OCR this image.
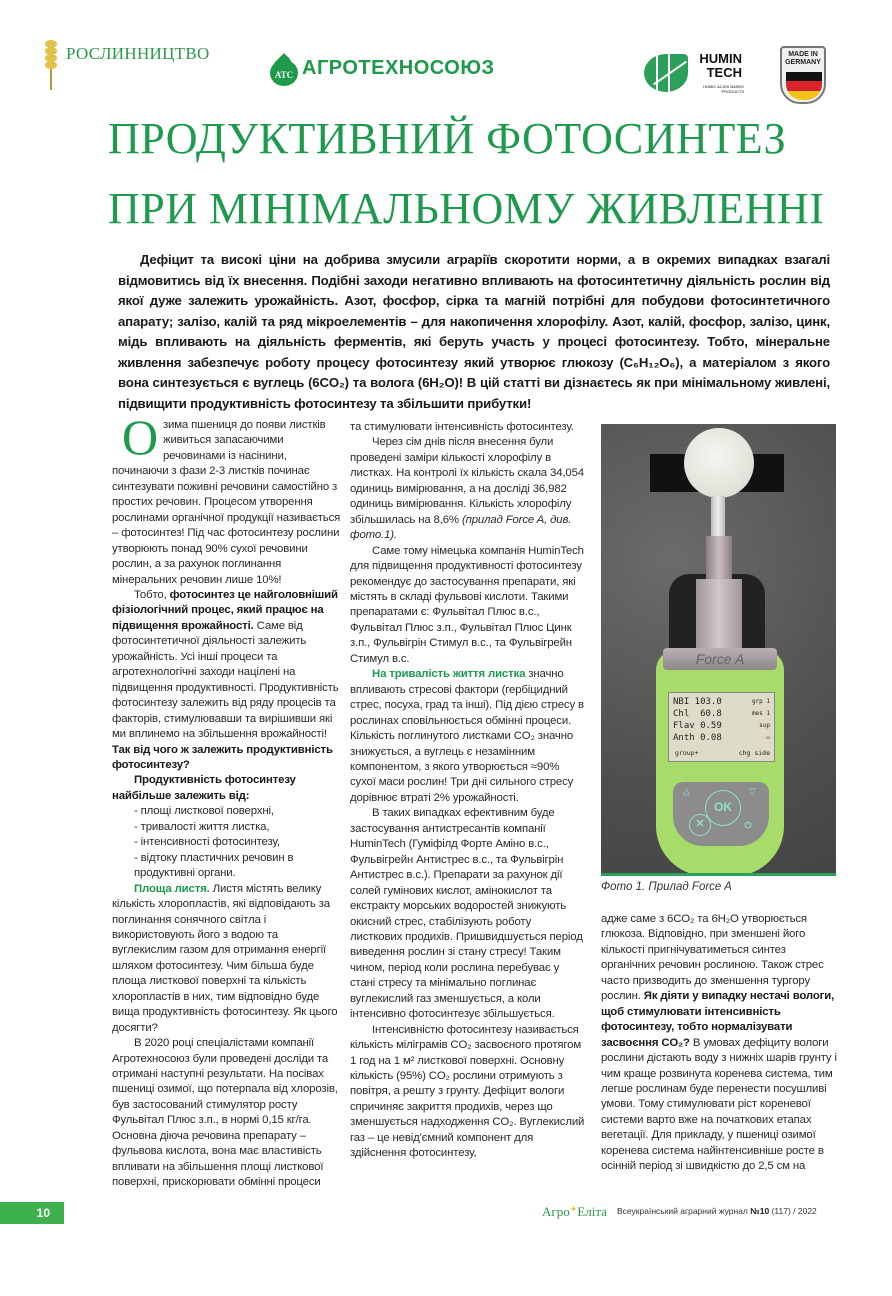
РОСЛИННИЦТВО
ATC АГРОТЕХНОСОЮЗ	HUMIN
TECH
HUMIC ACIDS BASED PRODUCTS
MADE IN
GERMANY
ПРОДУКТИВНИЙ ФОТОСИНТЕЗ
ПРИ МІНІМАЛЬНОМУ ЖИВЛЕННІ

Дефіцит та високі ціни на добрива змусили аграріїв скоротити норми, а в окремих випадках взагалі відмовитись від їх внесення. Подібні заходи негативно впливають на фотосинтетичну діяльність рослин від якої дуже залежить урожайність. Азот, фосфор, сірка та магній потрібні для побудови фотосинтетичного апарату; залізо, калій та ряд мікроелементів – для накопичення хлорофілу. Азот, калій, фосфор, залізо, цинк, мідь впливають на діяльність ферментів, які беруть участь у процесі фотосинтезу. Тобто, мінеральне живлення забезпечує роботу процесу фотосинтезу який утворює глюкозу (C₆H₁₂O₆), а матеріалом з якого вона синтезується є вуглець (6CO₂) та волога (6H₂O)! В цій статті ви дізнаєтесь як при мінімальному живлені, підвищити продуктивність фотосинтезу та збільшити прибутки!

О зима пшениця до появи листків живиться запасаючими речовинами із насінини, починаючи з фази 2-3 листків починає синтезувати поживні речовини самостійно з простих речовин. Процесом утворення рослинами органічної продукції називається – фотосинтез! Під час фотосинтезу рослини утворюють понад 90% сухої речовини рослин, а за рахунок поглинання мінеральних речовин лише 10%!

Тобто, фотосинтез це найголовніший фізіологічний процес, який працює на підвищення врожайності. Саме від фотосинтетичної діяльності залежить урожайність. Усі інші процеси та агротехнологічні заходи націлені на підвищення продуктивності. Продуктивність фотосинтезу залежить від ряду процесів та факторів, стимулювавши та вирішивши які ми вплинемо на збільшення врожайності! Так від чого ж залежить продуктивність фотосинтезу?

Продуктивність фотосинтезу найбільше залежить від:

- площі листкової поверхні,

- тривалості життя листка,

- інтенсивності фотосинтезу,

- відтоку пластичних речовин в продуктивні органи.

Площа листя. Листя містять велику кількість хлоропластів, які відповідають за поглинання сонячного світла і використовують його з водою та вуглекислим газом для отримання енергії шляхом фотосинтезу. Чим більша буде площа листкової поверхні та кількість хлоропластів в них, тим відповідно буде вища продуктивність фотосинтезу. Як цього досягти?

В 2020 році спеціалістами компанії Агротехносоюз були проведені досліди та отримані наступні результати. На посівах пшениці озимої, що потерпала від хлорозів, був застосований стимулятор росту Фульвітал Плюс з.п., в нормі 0,15 кг/га. Основна діюча речовина препарату – фульвова кислота, вона має властивість впливати на збільшення площі листкової поверхні, прискорювати обмінні процеси

та стимулювати інтенсивність фотосинтезу.

Через сім днів після внесення були проведені заміри кількості хлорофілу в листках. На контролі їх кількість скала 34,054 одиниць вимірювання, а на досліді 36,982 одиниць вимірювання. Кількість хлорофілу збільшилась на 8,6% (прилад Force A, див. фото.1).

Саме тому німецька компанія HuminTech для підвищення продуктивності фотосинтезу рекомендує до застосування препарати, які містять в складі фульвові кислоти. Такими препаратами є: Фульвітал Плюс в.с., Фульвітал Плюс з.п., Фульвітал Плюс Цинк з.п., Фульвігрін Стимул в.с., та Фульвігрейн Стимул в.с.

На тривалість життя листка значно впливають стресові фактори (гербіцидний стрес, посуха, град та інші). Під дією стресу в рослинах сповільнюється обмінні процеси. Кількість поглинутого листками CO₂ значно знижується, а вуглець є незамінним компонентом, з якого утворюється ≈90% сухої маси рослин! Три дні сильного стресу дорівнює втраті 2% урожайності.

В таких випадках ефективним буде застосування антистресантів компанії HuminTech (Гуміфілд Форте Аміно в.с., Фульвігрейн Антистрес в.с., та Фульвігрін Антистрес в.с.). Препарати за рахунок дії солей гумінових кислот, амінокислот та екстракту морських водоростей знижують окисний стрес, стабілізують роботу листкових продихів. Пришвидшується період виведення рослин зі стану стресу! Таким чином, період коли рослина перебуває у стані стресу та мінімально поглинає вуглекислий газ зменшується, а коли інтенсивно фотосинтезує збільшується.

Інтенсивністю фотосинтезу називається кількість міліграмів CO₂ засвоєного протягом 1 год на 1 м² листкової поверхні. Основну кількість (95%) CO₂ рослини отримують з повітря, а решту з грунту. Дефіцит вологи спричиняє закриття продихів, через що зменшується надходження CO₂. Вуглекислий газ – це невід'ємний компонент для здійснення фотосинтезу,

Force A
NBI 103.0	grp 1
Chl  60.8	mes 1
Flav 0.59	sup
Anth 0.08	▭
group+	chg side
△	▽
OK
✕	⏻
Фото 1. Прилад Force A

адже саме з 6CO₂ та 6H₂O утворюється глюкоза. Відповідно, при зменшені його кількості пригнічуватиметься синтез органічних речовин рослиною. Також стрес часто призводить до зменшення тургору рослин. Як діяти у випадку нестачі вологи, щоб стимулювати інтенсивність фотосинтезу, тобто нормалізувати засвоєння CO₂? В умовах дефіциту вологи рослини дістають воду з нижніх шарів грунту і чим краще розвинута коренева система, тим легше рослинам буде перенести посушливі умови. Тому стимулювати ріст кореневої системи варто вже на початкових етапах вегетації. Для прикладу, у пшениці озимої коренева система найінтенсивніше росте в осінній період зі швидкістю до 2,5 см на

10	Агро✦Еліта Всеукраїнський аграрний журнал №10 (117) / 2022
